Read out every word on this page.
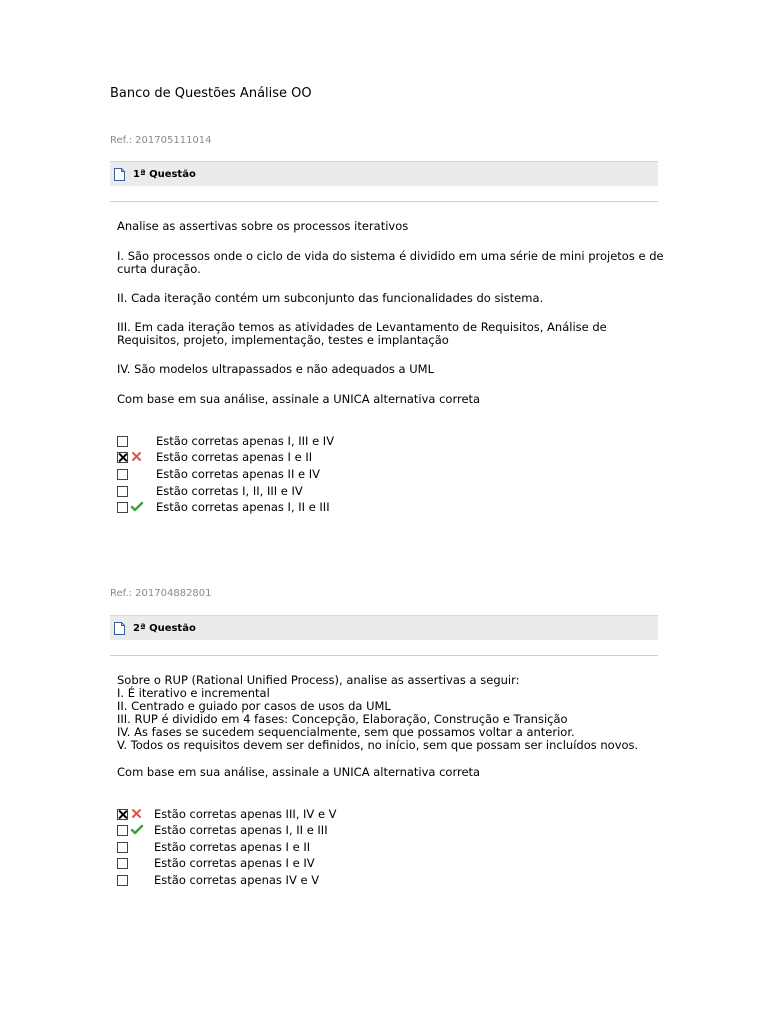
Banco de Questões Análise OO
Ref.: 201705111014
1ª Questão
Analise as assertivas sobre os processos iterativos
I. São processos onde o ciclo de vida do sistema é dividido em uma série de mini projetos e de
curta duração.
II. Cada iteração contém um subconjunto das funcionalidades do sistema.
III. Em cada iteração temos as atividades de Levantamento de Requisitos, Análise de
Requisitos, projeto, implementação, testes e implantação
IV. São modelos ultrapassados e não adequados a UML
Com base em sua análise, assinale a UNICA alternativa correta
Estão corretas apenas I, III e IV
Estão corretas apenas I e II
Estão corretas apenas II e IV
Estão corretas I, II, III e IV
Estão corretas apenas I, II e III
Ref.: 201704882801
2ª Questão
Sobre o RUP (Rational Unified Process), analise as assertivas a seguir:
I. É iterativo e incremental
II. Centrado e guiado por casos de usos da UML
III. RUP é dividido em 4 fases: Concepção, Elaboração, Construção e Transição
IV. As fases se sucedem sequencialmente, sem que possamos voltar a anterior.
V. Todos os requisitos devem ser definidos, no início, sem que possam ser incluídos novos.
Com base em sua análise, assinale a UNICA alternativa correta
Estão corretas apenas III, IV e V
Estão corretas apenas I, II e III
Estão corretas apenas I e II
Estão corretas apenas I e IV
Estão corretas apenas IV e V
